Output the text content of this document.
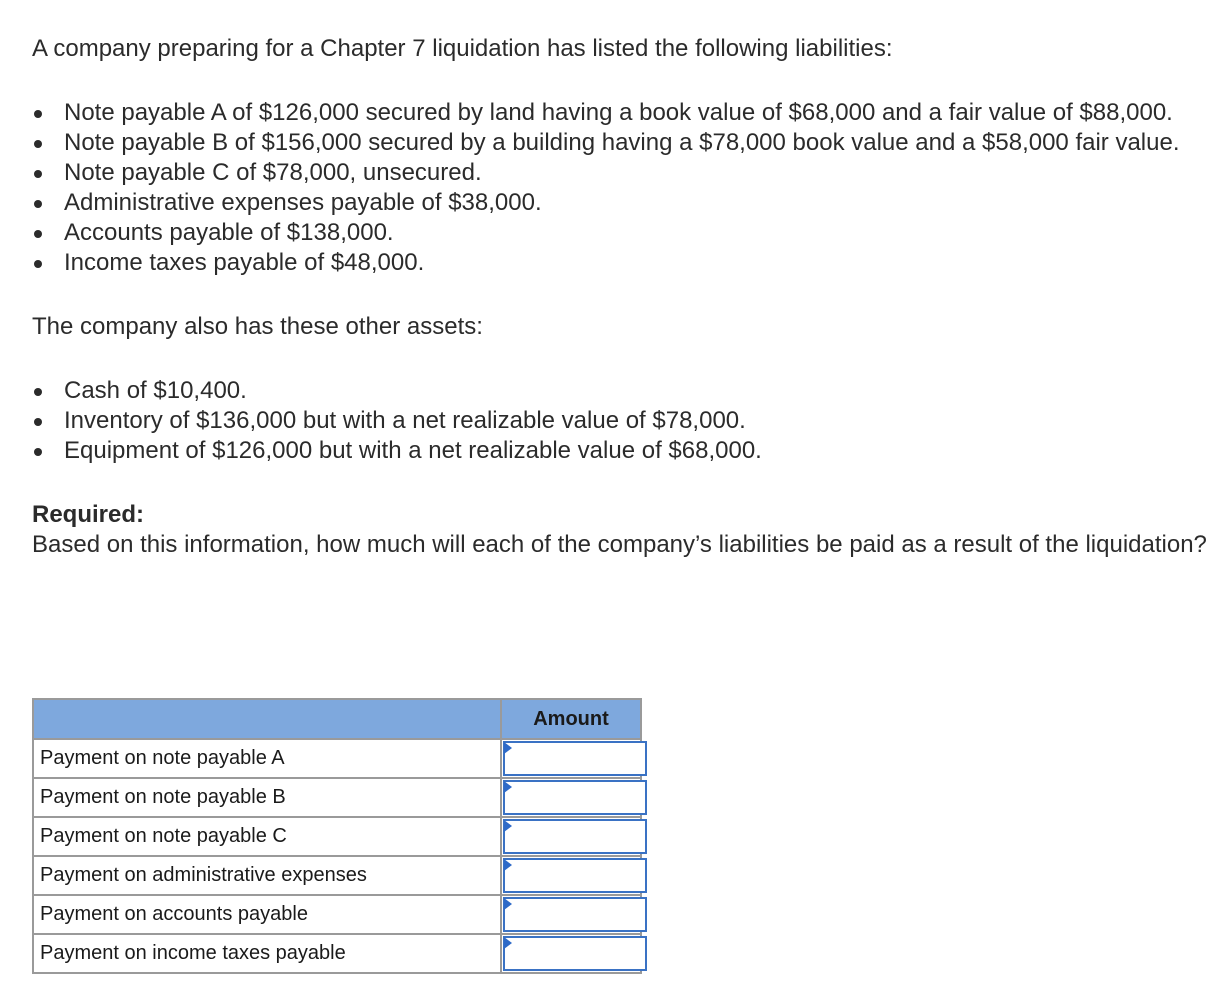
A company preparing for a Chapter 7 liquidation has listed the following liabilities:

Note payable A of $126,000 secured by land having a book value of $68,000 and a fair value of $88,000.
Note payable B of $156,000 secured by a building having a $78,000 book value and a $58,000 fair value.
Note payable C of $78,000, unsecured.
Administrative expenses payable of $38,000.
Accounts payable of $138,000.
Income taxes payable of $48,000.

The company also has these other assets:

Cash of $10,400.
Inventory of $136,000 but with a net realizable value of $78,000.
Equipment of $126,000 but with a net realizable value of $68,000.

Required:
Based on this information, how much will each of the company’s liabilities be paid as a result of the liquidation?

	Amount
Payment on note payable A	

Payment on note payable B	

Payment on note payable C	

Payment on administrative expenses	

Payment on accounts payable	

Payment on income taxes payable	
